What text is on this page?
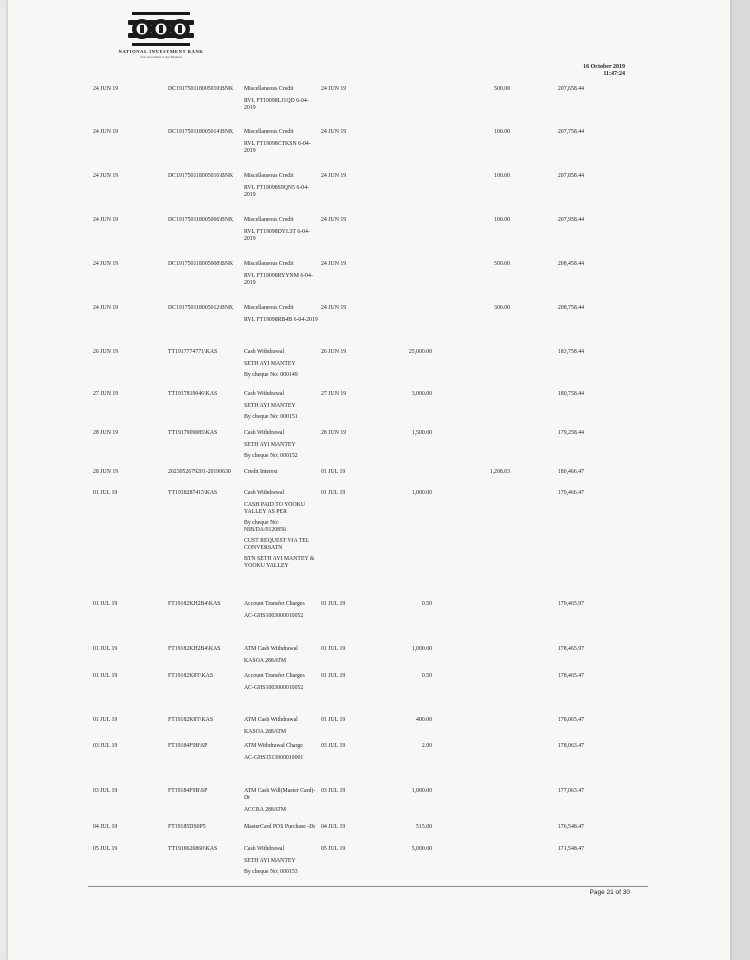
NATIONAL INVESTMENT BANK
Your Investment is Our Business
16 October 2019
11:47:24
24 JUN 19	DC191750118005010\BNK	24 JUN 19	500.00	207,658.44
Miscellaneous Credit
RVL FT19098LJ1QD 6-04-2019
24 JUN 19	DC191750118005014\BNK	24 JUN 19	100.00	207,758.44
Miscellaneous Credit
RVL FT19098CTKSN 6-04-2019
24 JUN 19	DC191750118005016\BNK	24 JUN 19	100.00	207,858.44
Miscellaneous Credit
RVL FT19098S9QN5 6-04-2019
24 JUN 19	DC191750118005006\BNK	24 JUN 19	100.00	207,958.44
Miscellaneous Credit
RVL FT19098DYL3T 6-04-2019
24 JUN 19	DC191750118005008\BNK	24 JUN 19	500.00	208,458.44
Miscellaneous Credit
RVL FT19098RYYNM 6-04-2019
24 JUN 19	DC191750118005012\BNK	24 JUN 19	300.00	208,758.44
Miscellaneous Credit
RVL FT19098RB4B 6-04-2019
26 JUN 19	TT1917774771\KAS	26 JUN 19	25,000.00	183,758.44
Cash Withdrawal
SETH AYI MANTEY
By cheque No: 000149
27 JUN 19	TT1917819046\KAS	27 JUN 19	3,000.00	180,758.44
Cash Withdrawal
SETH AYI MANTEY
By cheque No: 000151
28 JUN 19	TT1917909085\KAS	28 JUN 19	1,500.00	179,258.44
Cash Withdrawal
SETH AYI MANTEY
By cheque No: 000152
28 JUN 19	2023052679201-20190630	01 JUL 19	1,208.03	180,466.47
Credit Interest
01 JUL 19	TT1918287415\KAS	01 JUL 19	1,000.00	179,466.47
Cash Withdrawal
CASH PAID TO YOOKU YALLEY AS PER
By cheque No: NIB/DA/0120856
CUST REQUEST VIA TEL CONVERSATN
BTN SETH AYI MANTEY & YOOKU YALLEY
01 JUL 19	FT19182KH2B4\KAS	01 JUL 19	0.50	179,465.97
Account Transfer Charges
AC-GHS1003000010052
01 JUL 19	FT19182KH2B4\KAS	01 JUL 19	1,000.00	178,465.97
ATM Cash Withdrawal
KASOA 288ATM
01 JUL 19	FT19182K8T\KAS	01 JUL 19	0.50	178,465.47
Account Transfer Charges
AC-GHS1003000010052
01 JUL 19	FT19182K8T\KAS	01 JUL 19	400.00	178,065.47
ATM Cash Withdrawal
KASOA 288ATM
03 JUL 19	FT19184F9B\SP	03 JUL 19	2.00	178,063.47
ATM Withdrawal Charge
AC-GHS1513900010001
03 JUL 19	FT19184F9B\SP	03 JUL 19	1,000.00	177,063.47
ATM Cash Wdl(Master Card)-Dr
ACCRA 288ATM
04 JUL 19	FT19185DS0P5	04 JUL 19	515.00	176,548.47
MasterCard POS Purchase -Dr
05 JUL 19	TT1918620860\KAS	05 JUL 19	5,000.00	171,548.47
Cash Withdrawal
SETH AYI MANTEY
By cheque No: 000153
Page 21 of 30
